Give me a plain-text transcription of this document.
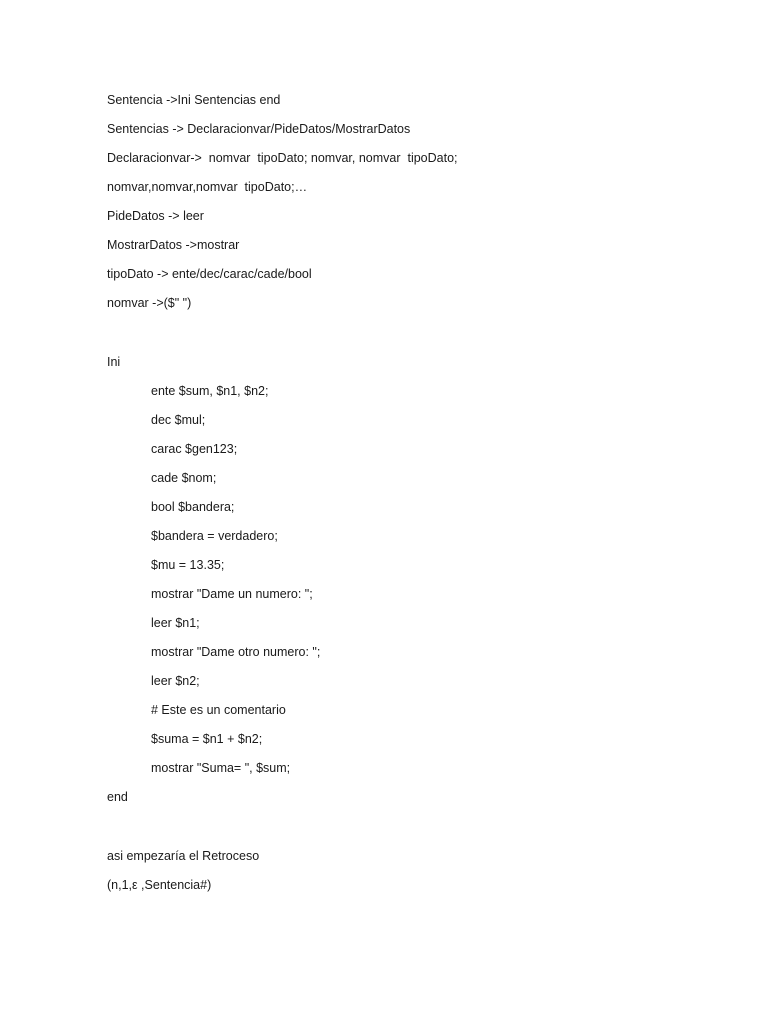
Sentencia ->Ini Sentencias end
Sentencias -> Declaracionvar/PideDatos/MostrarDatos
Declaracionvar->  nomvar  tipoDato; nomvar, nomvar  tipoDato;
nomvar,nomvar,nomvar  tipoDato;…
PideDatos -> leer
MostrarDatos ->mostrar
tipoDato -> ente/dec/carac/cade/bool
nomvar ->($" ")
Ini
ente $sum, $n1, $n2;
dec $mul;
carac $gen123;
cade $nom;
bool $bandera;
$bandera = verdadero;
$mu = 13.35;
mostrar "Dame un numero: ";
leer $n1;
mostrar "Dame otro numero: ";
leer $n2;
# Este es un comentario
$suma = $n1 + $n2;
mostrar "Suma= ", $sum;
end
asi empezaría el Retroceso
(n,1,ε ,Sentencia#)
